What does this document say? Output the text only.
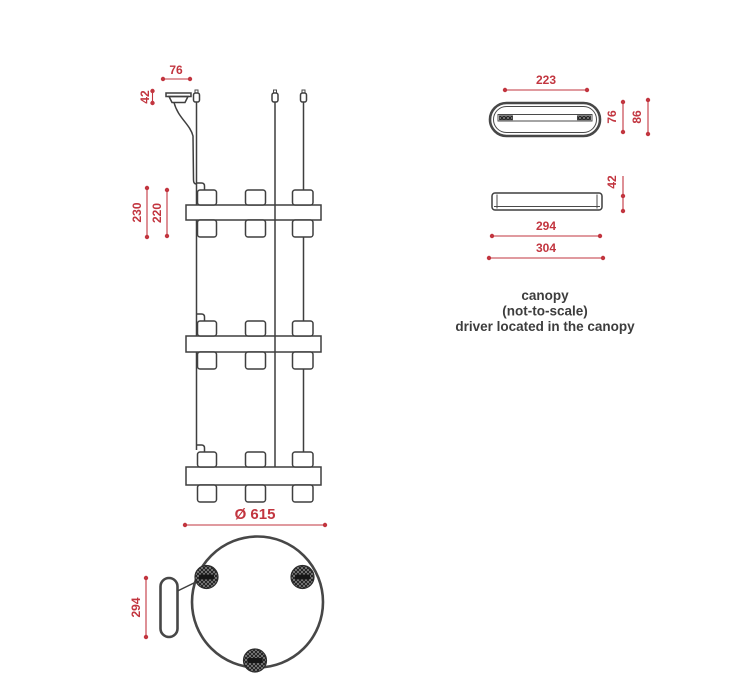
76
42
230 220
Ø 615
223
76 86
42
294
304
canopy
(not-to-scale)
driver located in the canopy
294
